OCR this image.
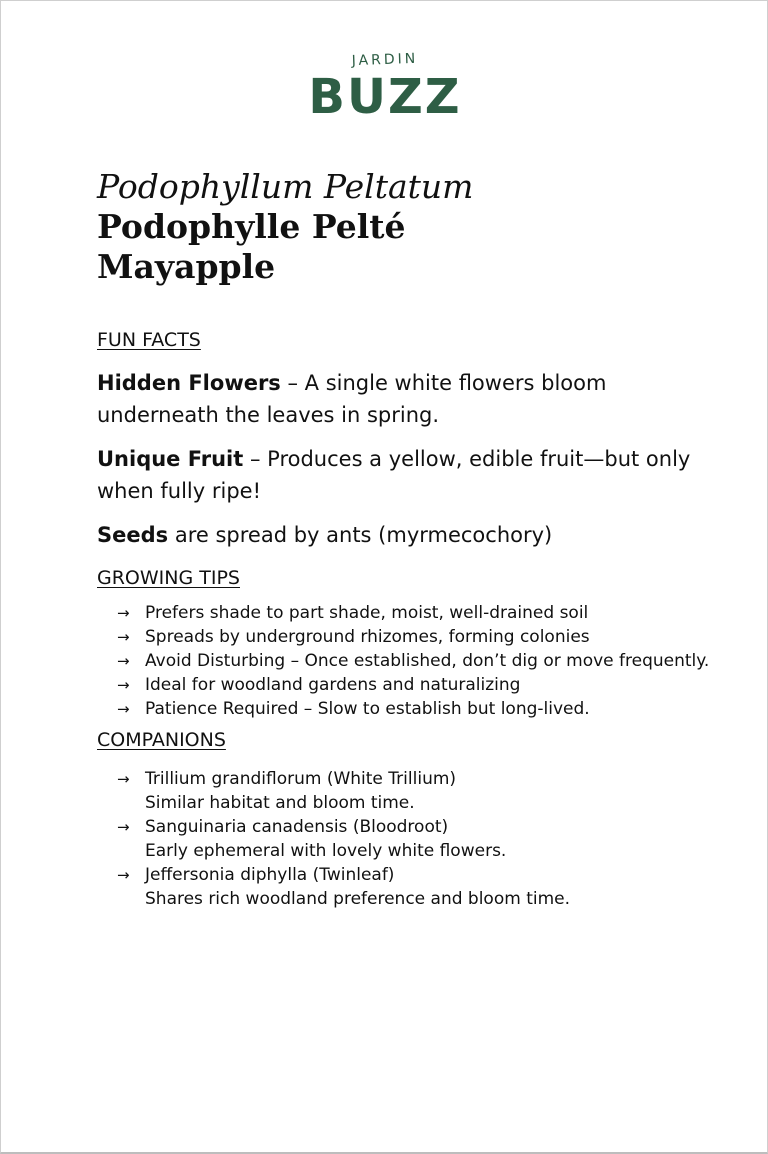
JARDIN
BUZZ
Podophyllum Peltatum
Podophylle Pelté
Mayapple
FUN FACTS

Hidden Flowers – A single white flowers bloom underneath the leaves in spring.

Unique Fruit – Produces a yellow, edible fruit—but only when fully ripe!

Seeds are spread by ants (myrmecochory)

GROWING TIPS
→ Prefers shade to part shade, moist, well-drained soil
→ Spreads by underground rhizomes, forming colonies
→ Avoid Disturbing – Once established, don’t dig or move frequently.
→ Ideal for woodland gardens and naturalizing
→ Patience Required – Slow to establish but long-lived.
COMPANIONS
→ Trillium grandiflorum (White Trillium)
Similar habitat and bloom time.
→ Sanguinaria canadensis (Bloodroot)
Early ephemeral with lovely white flowers.
→ Jeffersonia diphylla (Twinleaf)
Shares rich woodland preference and bloom time.
